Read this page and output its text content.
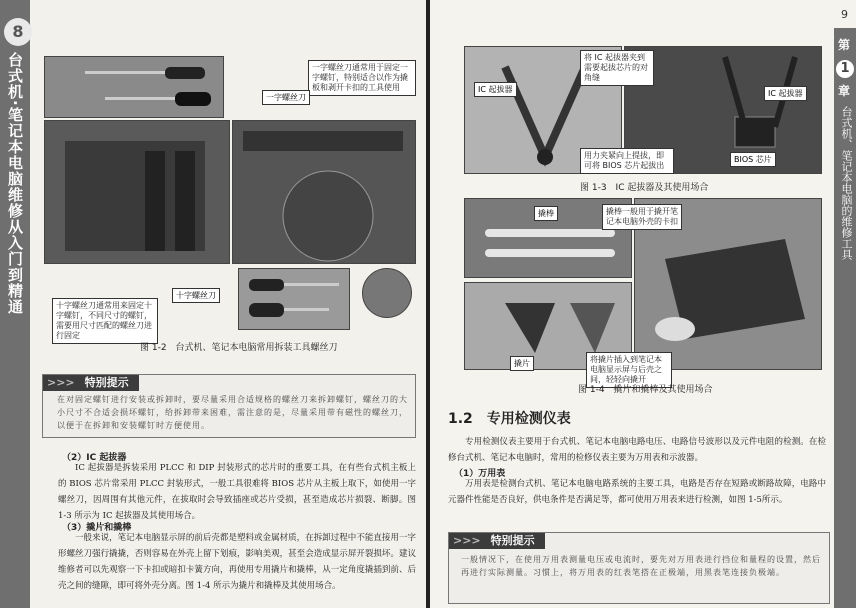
8
台式机·笔记本电脑维修从入门到精通	一字螺丝刀通常用于固定一字螺钉，特别适合以作为撬板和剥开卡扣的工具使用
一字螺丝刀
十字螺丝刀
十字螺丝刀通常用来固定十字螺钉，不同尺寸的螺钉，需要用尺寸匹配的螺丝刀进行固定
图 1-2　台式机、笔记本电脑常用拆装工具螺丝刀
>>> 特别提示
在对固定螺钉进行安装或拆卸时，要尽量采用合适规格的螺丝刀来拆卸螺钉，螺丝刀的大小尺寸不合适会损坏螺钉，给拆卸带来困难，需注意的是，尽量采用带有磁性的螺丝刀，以便于在拆卸和安装螺钉时方便使用。
（2）IC 起拔器
IC 起拔器是拆装采用 PLCC 和 DIP 封装形式的芯片时的重要工具，在有些台式机主板上的 BIOS 芯片常采用 PLCC 封装形式，一般工具很难将 BIOS 芯片从主板上取下，如使用一字螺丝刀，因周围有其他元件，在拔取时会导致插座或芯片受损，甚至造成芯片损裂、断脚。图 1-3 所示为 IC 起拔器及其使用场合。
（3）撬片和撬棒
一般来说，笔记本电脑显示屏的前后壳都是塑料或金属材质，在拆卸过程中不能直接用一字形螺丝刀强行撬撬，否则容易在外壳上留下划痕，影响美观，甚至会造成显示屏开裂损坏。建议维修者可以先观察一下卡扣或暗扣卡簧方向，再使用专用撬片和撬棒，从一定角度撬插到前、后壳之间的缝隙，即可将外壳分离。图 1-4 所示为撬片和撬棒及其使用场合。
9
第
1
章
台式机、笔记本电脑的维修工具
IC 起拔器
将 IC 起拔器夹到需要起拔芯片的对角缝
用力夹紧向上提拔，即可将 BIOS 芯片起拔出
IC 起拔器
BIOS 芯片
图 1-3　IC 起拔器及其使用场合
撬棒	撬棒一般用于撬开笔记本电脑外壳的卡扣
撬片	将撬片插入到笔记本电脑显示屏与后壳之间，轻轻向撬开
图 1-4　撬片和撬棒及其使用场合
1.2　专用检测仪表
专用检测仪表主要用于台式机、笔记本电脑电路电压、电路信号波形以及元件电阻的检测。在检修台式机、笔记本电脑时，常用的检修仪表主要为万用表和示波器。
（1）万用表
万用表是检测台式机、笔记本电脑电路系统的主要工具，电路是否存在短路或断路故障，电路中元器件性能是否良好，供电条件是否满足等，都可使用万用表来进行检测，如图 1-5所示。
>>> 特别提示
一般情况下，在使用万用表测量电压或电流时，要先对万用表进行挡位和量程的设置，然后再进行实际测量。习惯上，将万用表的红表笔搭在正极端，用黑表笔连接负极端。
